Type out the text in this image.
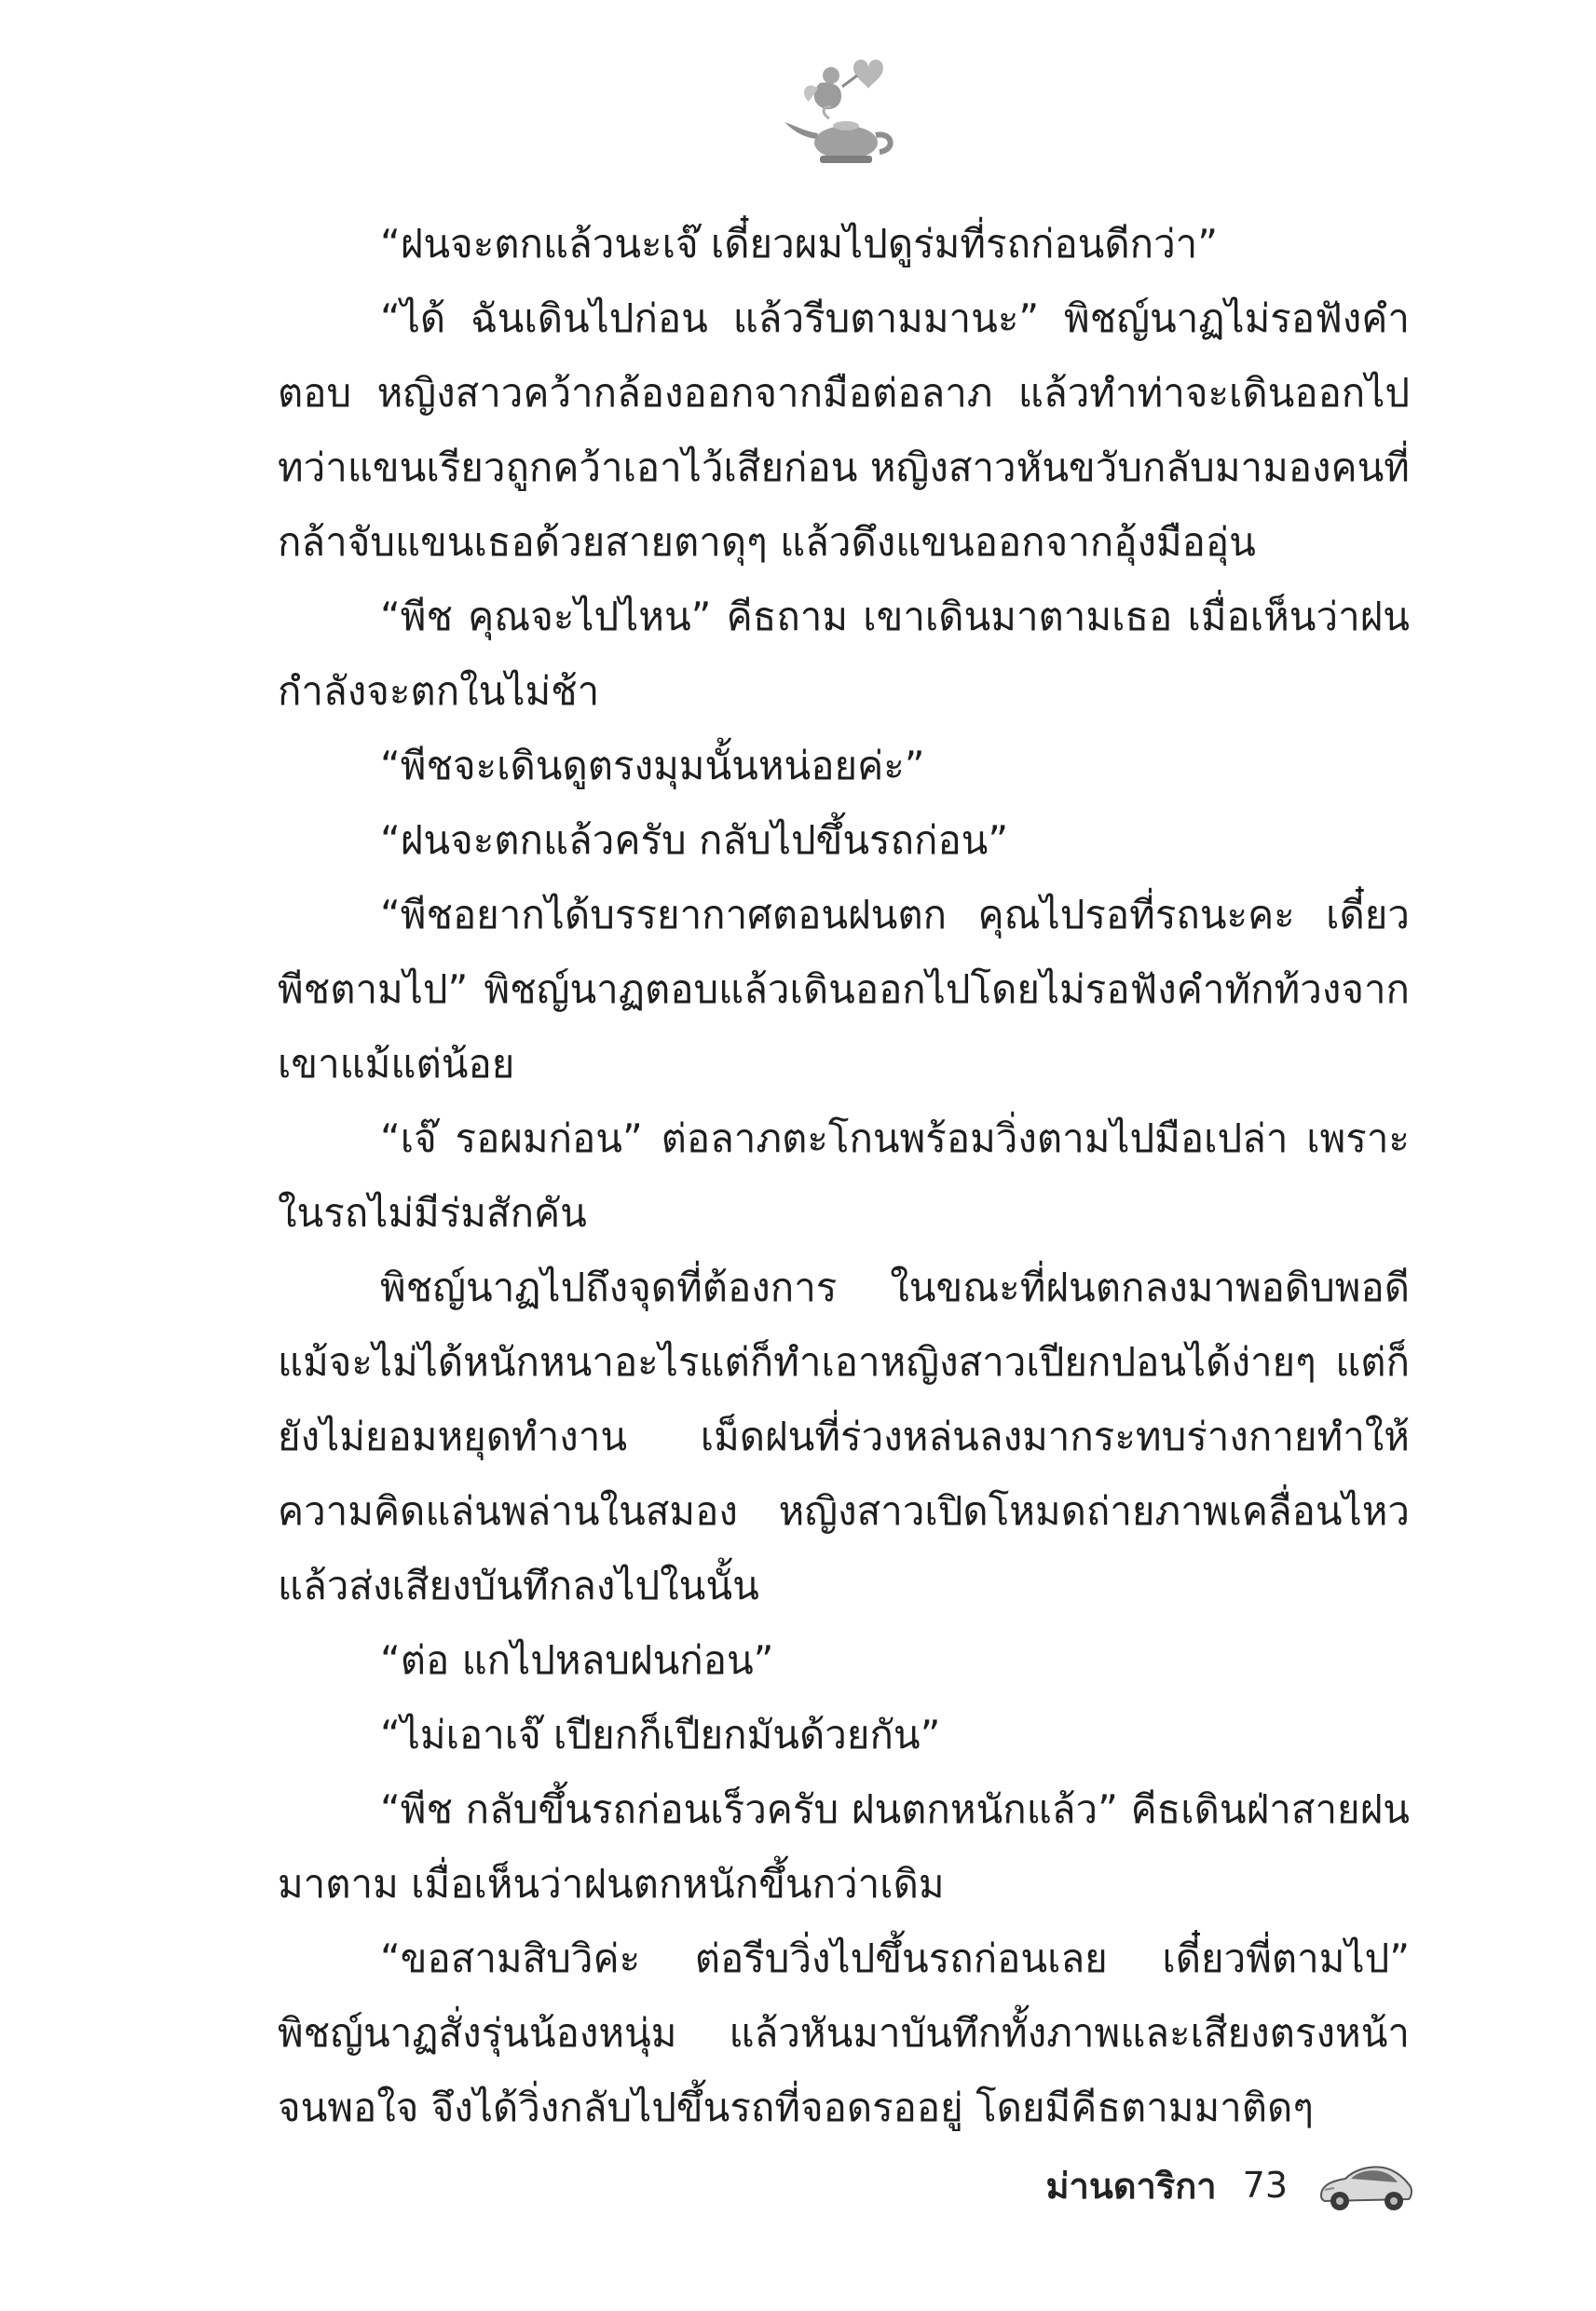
“ฝนจะตกแล้วนะเจ๊ เดี๋ยวผมไปดูร่มที่รถก่อนดีกว่า”

“ได้ ฉันเดินไปก่อน แล้วรีบตามมานะ” พิชญ์นาฏไม่รอฟังคำตอบ หญิงสาวคว้ากล้องออกจากมือต่อลาภ แล้วทำท่าจะเดินออกไป ทว่าแขนเรียวถูกคว้าเอาไว้เสียก่อน หญิงสาวหันขวับกลับมามองคนที่กล้าจับแขนเธอด้วยสายตาดุๆ แล้วดึงแขนออกจากอุ้งมืออุ่น

“พีช คุณจะไปไหน” คีธถาม เขาเดินมาตามเธอ เมื่อเห็นว่าฝนกำลังจะตกในไม่ช้า

“พีชจะเดินดูตรงมุมนั้นหน่อยค่ะ”

“ฝนจะตกแล้วครับ กลับไปขึ้นรถก่อน”

“พีชอยากได้บรรยากาศตอนฝนตก คุณไปรอที่รถนะคะ เดี๋ยวพีชตามไป” พิชญ์นาฏตอบแล้วเดินออกไปโดยไม่รอฟังคำทักท้วงจากเขาแม้แต่น้อย

“เจ๊ รอผมก่อน” ต่อลาภตะโกนพร้อมวิ่งตามไปมือเปล่า เพราะในรถไม่มีร่มสักคัน

พิชญ์นาฏไปถึงจุดที่ต้องการ ในขณะที่ฝนตกลงมาพอดิบพอดี แม้จะไม่ได้หนักหนาอะไรแต่ก็ทำเอาหญิงสาวเปียกปอนได้ง่ายๆ แต่ก็ยังไม่ยอมหยุดทำงาน เม็ดฝนที่ร่วงหล่นลงมากระทบร่างกายทำให้ความคิดแล่นพล่านในสมอง หญิงสาวเปิดโหมดถ่ายภาพเคลื่อนไหวแล้วส่งเสียงบันทึกลงไปในนั้น

“ต่อ แกไปหลบฝนก่อน”

“ไม่เอาเจ๊ เปียกก็เปียกมันด้วยกัน”

“พีช กลับขึ้นรถก่อนเร็วครับ ฝนตกหนักแล้ว” คีธเดินฝ่าสายฝนมาตาม เมื่อเห็นว่าฝนตกหนักขึ้นกว่าเดิม

“ขอสามสิบวิค่ะ ต่อรีบวิ่งไปขึ้นรถก่อนเลย เดี๋ยวพี่ตามไป” พิชญ์นาฏสั่งรุ่นน้องหนุ่ม แล้วหันมาบันทึกทั้งภาพและเสียงตรงหน้าจนพอใจ จึงได้วิ่งกลับไปขึ้นรถที่จอดรออยู่ โดยมีคีธตามมาติดๆ

ม่านดาริกา 73
